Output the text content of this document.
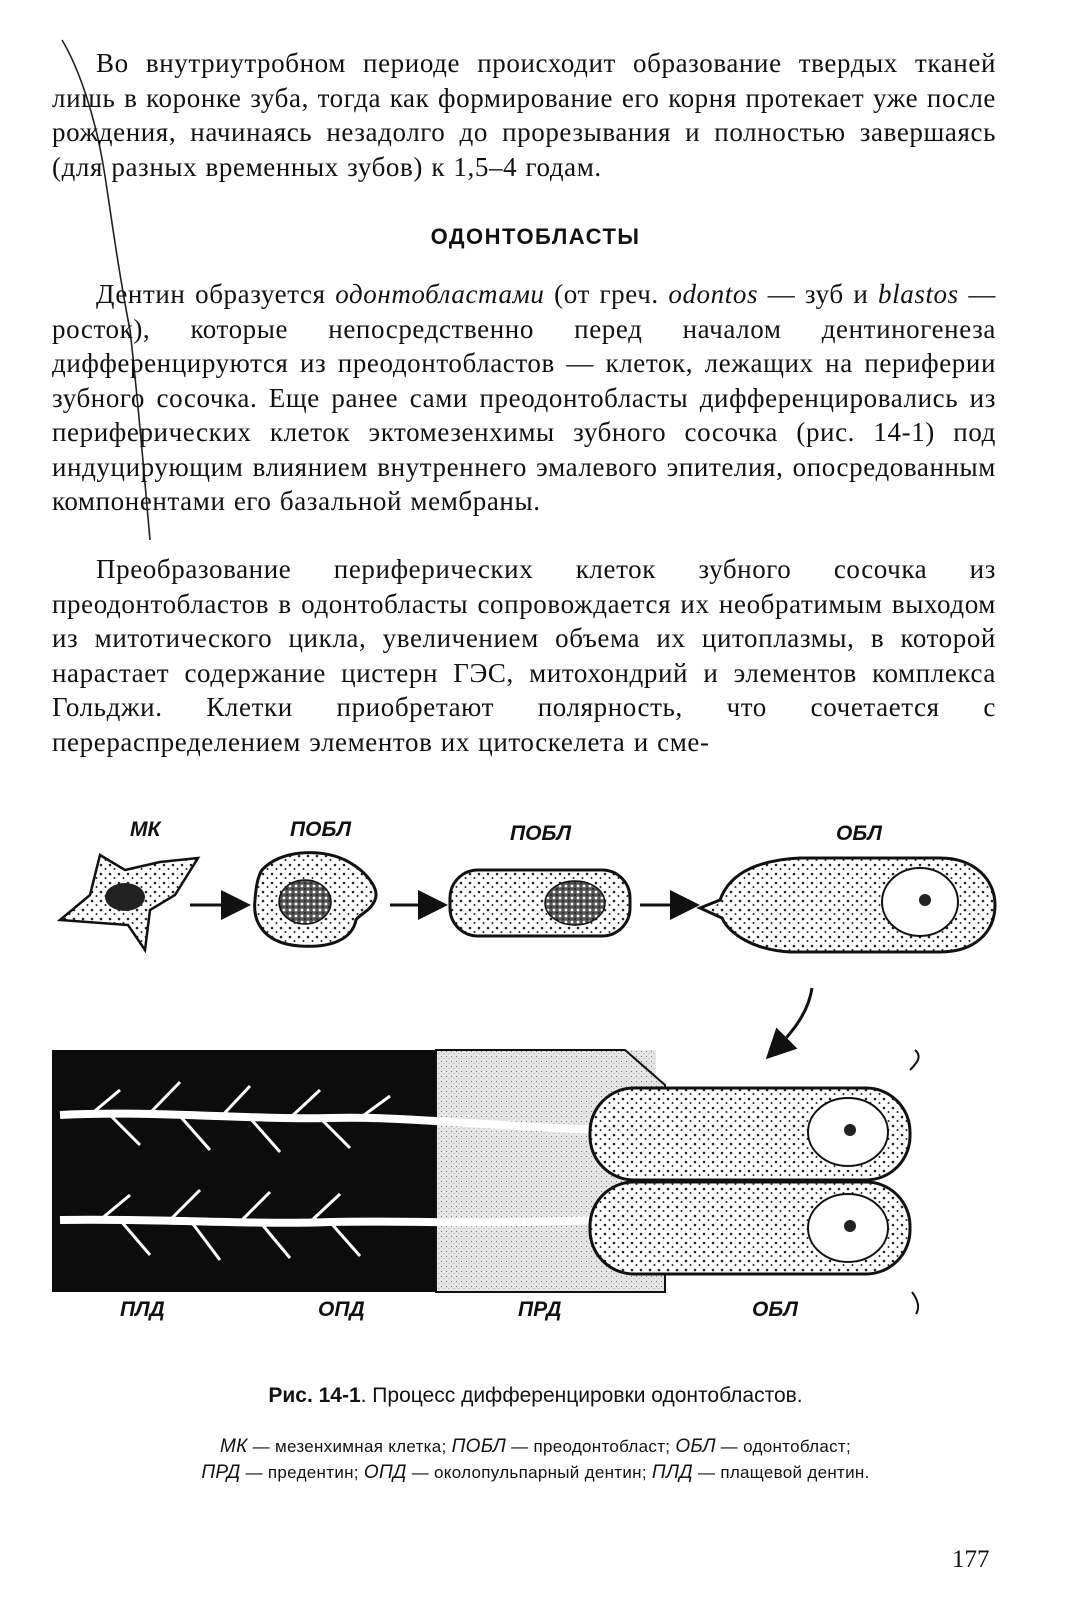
Во внутриутробном периоде происходит образование твердых тканей лишь в коронке зуба, тогда как формирование его корня протекает уже после рождения, начинаясь незадолго до прорезывания и полностью завершаясь (для разных временных зубов) к 1,5–4 годам.

ОДОНТОБЛАСТЫ

Дентин образуется одонтобластами (от греч. odontos — зуб и blastos — росток), которые непосредственно перед началом дентиногенеза дифференцируются из преодонтобластов — клеток, лежащих на периферии зубного сосочка. Еще ранее сами преодонтобласты дифференцировались из периферических клеток эктомезенхимы зубного сосочка (рис. 14-1) под индуцирующим влиянием внутреннего эмалевого эпителия, опосредованным компонентами его базальной мембраны.

Преобразование периферических клеток зубного сосочка из преодонтобластов в одонтобласты сопровождается их необратимым выходом из митотического цикла, увеличением объема их цитоплазмы, в которой нарастает содержание цистерн ГЭС, митохондрий и элементов комплекса Гольджи. Клетки приобретают полярность, что сочетается с перераспределением элементов их цитоскелета и сме-

МК	ПОБЛ	ПОБЛ	ОБЛ
ПЛД	ОПД	ПРД	ОБЛ
Рис. 14-1. Процесс дифференцировки одонтобластов.
МК — мезенхимная клетка; ПОБЛ — преодонтобласт; ОБЛ — одонтобласт;
ПРД — предентин; ОПД — околопульпарный дентин; ПЛД — плащевой дентин.
177
